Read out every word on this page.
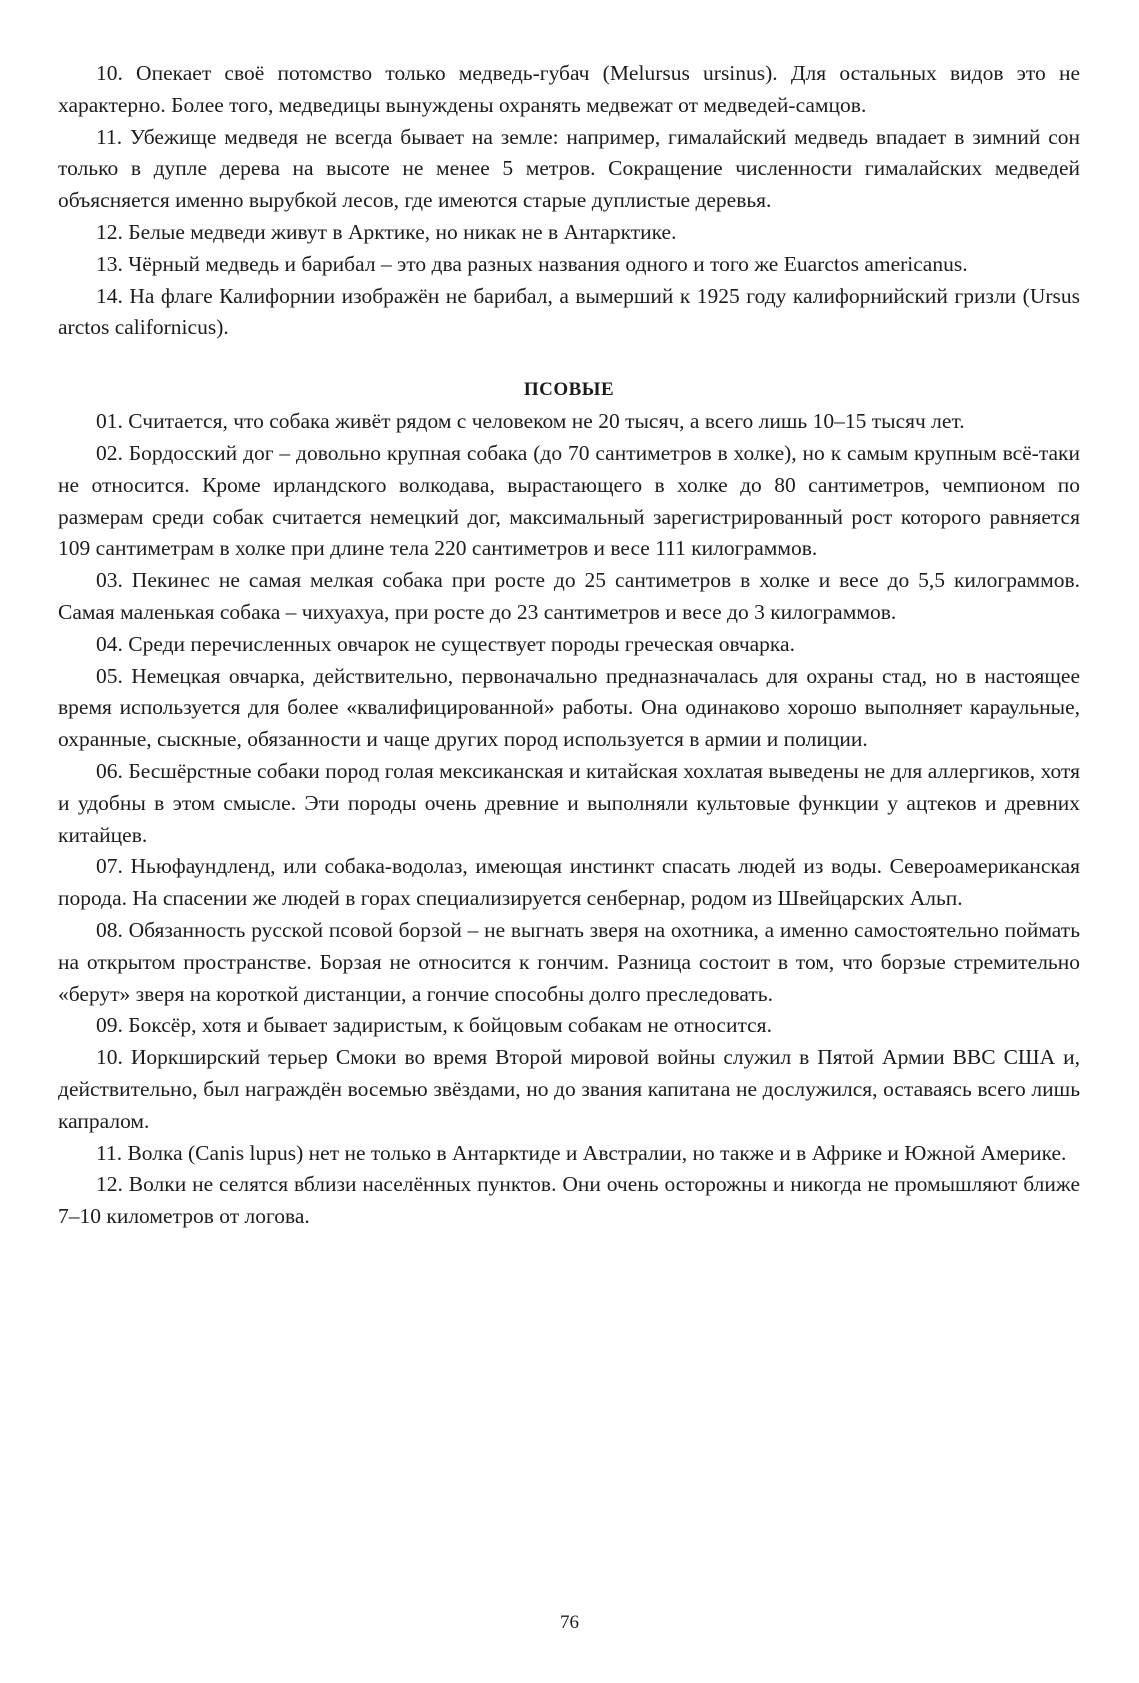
10. Опекает своё потомство только медведь-губач (Melursus ursinus). Для остальных видов это не характерно. Более того, медведицы вынуждены охранять медвежат от медведей-самцов.

11. Убежище медведя не всегда бывает на земле: например, гималайский медведь впадает в зимний сон только в дупле дерева на высоте не менее 5 метров. Сокращение численности гималайских медведей объясняется именно вырубкой лесов, где имеются старые дуплистые деревья.

12. Белые медведи живут в Арктике, но никак не в Антарктике.

13. Чёрный медведь и барибал – это два разных названия одного и того же Euarctos americanus.

14. На флаге Калифорнии изображён не барибал, а вымерший к 1925 году калифорнийский гризли (Ursus arctos californicus).

ПСОВЫЕ

01. Считается, что собака живёт рядом с человеком не 20 тысяч, а всего лишь 10–15 тысяч лет.

02. Бордосский дог – довольно крупная собака (до 70 сантиметров в холке), но к самым крупным всё-таки не относится. Кроме ирландского волкодава, вырастающего в холке до 80 сантиметров, чемпионом по размерам среди собак считается немецкий дог, максимальный зарегистрированный рост которого равняется 109 сантиметрам в холке при длине тела 220 сантиметров и весе 111 килограммов.

03. Пекинес не самая мелкая собака при росте до 25 сантиметров в холке и весе до 5,5 килограммов. Самая маленькая собака – чихуахуа, при росте до 23 сантиметров и весе до 3 килограммов.

04. Среди перечисленных овчарок не существует породы греческая овчарка.

05. Немецкая овчарка, действительно, первоначально предназначалась для охраны стад, но в настоящее время используется для более «квалифицированной» работы. Она одинаково хорошо выполняет караульные, охранные, сыскные, обязанности и чаще других пород используется в армии и полиции.

06. Бесшёрстные собаки пород голая мексиканская и китайская хохлатая выведены не для аллергиков, хотя и удобны в этом смысле. Эти породы очень древние и выполняли культовые функции у ацтеков и древних китайцев.

07. Ньюфаундленд, или собака-водолаз, имеющая инстинкт спасать людей из воды. Североамериканская порода. На спасении же людей в горах специализируется сенбернар, родом из Швейцарских Альп.

08. Обязанность русской псовой борзой – не выгнать зверя на охотника, а именно самостоятельно поймать на открытом пространстве. Борзая не относится к гончим. Разница состоит в том, что борзые стремительно «берут» зверя на короткой дистанции, а гончие способны долго преследовать.

09. Боксёр, хотя и бывает задиристым, к бойцовым собакам не относится.

10. Иоркширский терьер Смоки во время Второй мировой войны служил в Пятой Армии ВВС США и, действительно, был награждён восемью звёздами, но до звания капитана не дослужился, оставаясь всего лишь капралом.

11. Волка (Canis lupus) нет не только в Антарктиде и Австралии, но также и в Африке и Южной Америке.

12. Волки не селятся вблизи населённых пунктов. Они очень осторожны и никогда не промышляют ближе 7–10 километров от логова.

76
